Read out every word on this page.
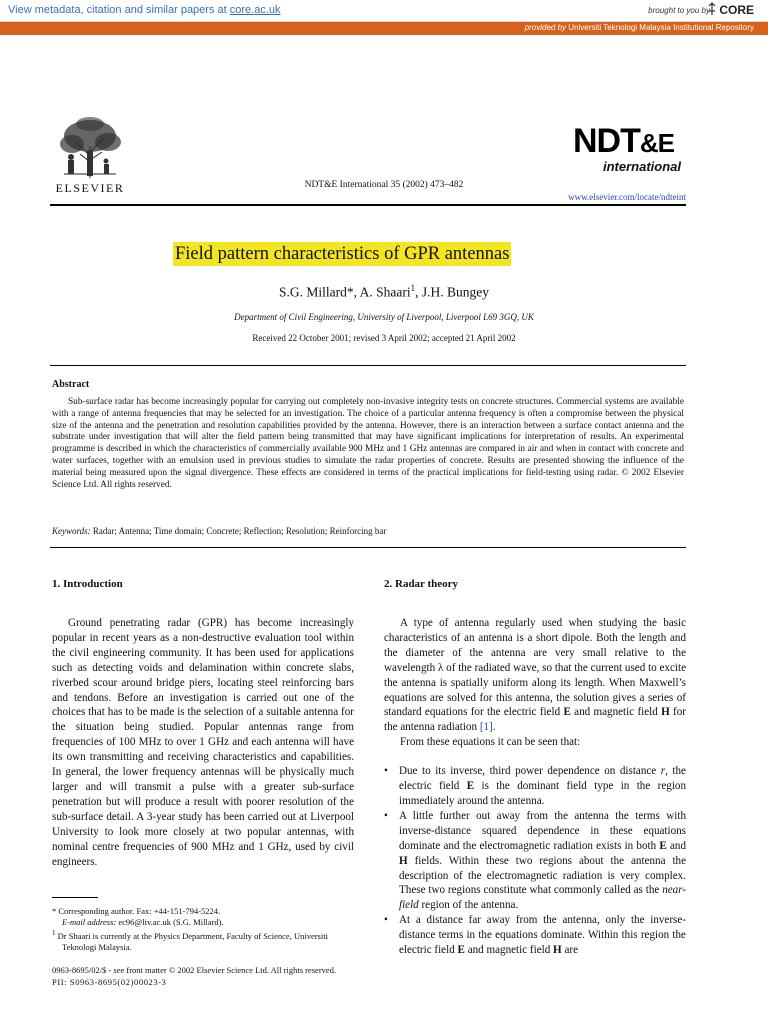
View metadata, citation and similar papers at core.ac.uk	brought to you by CORE
provided by Universiti Teknologi Malaysia Institutional Repository
ELSEVIER	NDT&E International 35 (2002) 473–482
NDT&E
international
www.elsevier.com/locate/ndteint
Field pattern characteristics of GPR antennas
S.G. Millard*, A. Shaari$^1$, J.H. Bungey
Department of Civil Engineering, University of Liverpool, Liverpool L69 3GQ, UK
Received 22 October 2001; revised 3 April 2002; accepted 21 April 2002
Abstract
Sub-surface radar has become increasingly popular for carrying out completely non-invasive integrity tests on concrete structures. Commercial systems are available with a range of antenna frequencies that may be selected for an investigation. The choice of a particular antenna frequency is often a compromise between the physical size of the antenna and the penetration and resolution capabilities provided by the antenna. However, there is an interaction between a surface contact antenna and the substrate under investigation that will alter the field pattern being transmitted that may have significant implications for interpretation of results. An experimental programme is described in which the characteristics of commercially available 900 MHz and 1 GHz antennas are compared in air and when in contact with concrete and water surfaces, together with an emulsion used in previous studies to simulate the radar properties of concrete. Results are presented showing the influence of the material being measured upon the signal divergence. These effects are considered in terms of the practical implications for field-testing using radar. © 2002 Elsevier Science Ltd. All rights reserved.
Keywords: Radar; Antenna; Time domain; Concrete; Reflection; Resolution; Reinforcing bar
1. Introduction

Ground penetrating radar (GPR) has become increasingly popular in recent years as a non-destructive evaluation tool within the civil engineering community. It has been used for applications such as detecting voids and delamination within concrete slabs, riverbed scour around bridge piers, locating steel reinforcing bars and tendons. Before an investigation is carried out one of the choices that has to be made is the selection of a suitable antenna for the situation being studied. Popular antennas range from frequencies of 100 MHz to over 1 GHz and each antenna will have its own transmitting and receiving characteristics and capabilities. In general, the lower frequency antennas will be physically much larger and will transmit a pulse with a greater sub-surface penetration but will produce a result with poorer resolution of the sub-surface detail. A 3-year study has been carried out at Liverpool University to look more closely at two popular antennas, with nominal centre frequencies of 900 MHz and 1 GHz, used by civil engineers.

2. Radar theory

A type of antenna regularly used when studying the basic characteristics of an antenna is a short dipole. Both the length and the diameter of the antenna are very small relative to the wavelength λ of the radiated wave, so that the current used to excite the antenna is spatially uniform along its length. When Maxwell’s equations are solved for this antenna, the solution gives a series of standard equations for the electric field E and magnetic field H for the antenna radiation [1].

From these equations it can be seen that:

• Due to its inverse, third power dependence on distance r, the electric field E is the dominant field type in the region immediately around the antenna.
• A little further out away from the antenna the terms with inverse-distance squared dependence in these equations dominate and the electromagnetic radiation exists in both E and H fields. Within these two regions about the antenna the description of the electromagnetic radiation is very complex. These two regions constitute what commonly called as the near-field region of the antenna.
• At a distance far away from the antenna, only the inverse-distance terms in the equations dominate. Within this region the electric field E and magnetic field H are
* Corresponding author. Fax: +44-151-794-5224.
E-mail address: ec96@liv.ac.uk (S.G. Millard).
$^1$ Dr Shaari is currently at the Physics Department, Faculty of Science, Universiti Teknologi Malaysia.
0963-8695/02/$ - see front matter © 2002 Elsevier Science Ltd. All rights reserved.
PII: S0963-8695(02)00023-3
